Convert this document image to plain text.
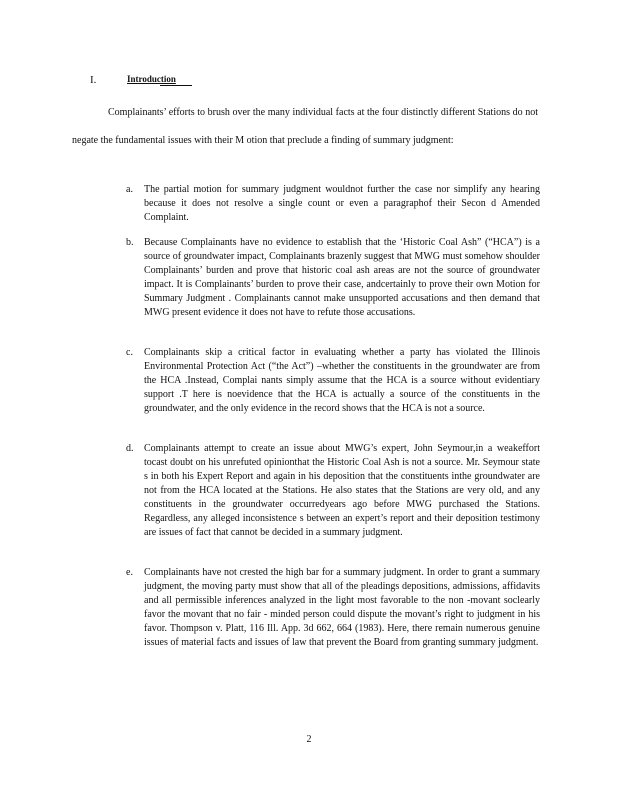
I.	Introduction

Complainants’ efforts to brush over the many individual facts at the four distinctly different Stations do not negate the fundamental issues with their M otion that preclude a finding of summary judgment:

a.	The partial motion for summary judgment wouldnot further the case nor simplify any hearing because it does not resolve a single count or even a paragraphof their Secon d Amended Complaint.

b.	Because Complainants have no evidence to establish that the ‘Historic Coal Ash” (“HCA”) is a source of groundwater impact, Complainants brazenly suggest that MWG must somehow shoulder Complainants’ burden and prove that historic coal ash areas are not the source of groundwater impact. It is Complainants’ burden to prove their case, andcertainly to prove their own Motion for Summary Judgment . Complainants cannot make unsupported accusations and then demand that MWG present evidence it does not have to refute those accusations.

c.	Complainants skip a critical factor in evaluating whether a party has violated the Illinois Environmental Protection Act (“the Act”) –whether the constituents in the groundwater are from the HCA .Instead, Complai nants simply assume that the HCA is a source without evidentiary support .T here is noevidence that the HCA is actually a source of the constituents in the groundwater, and the only evidence in the record shows that the HCA is not a source.

d.	Complainants attempt to create an issue about MWG’s expert, John Seymour,in a weakeffort tocast doubt on his unrefuted opinionthat the Historic Coal Ash is not a source. Mr. Seymour state s in both his Expert Report and again in his deposition that the constituents inthe groundwater are not from the HCA located at the Stations. He also states that the Stations are very old, and any constituents in the groundwater occurredyears ago before MWG purchased the Stations. Regardless, any alleged inconsistence s between an expert’s report and their deposition testimony are issues of fact that cannot be decided in a summary judgment.

e.	Complainants have not crested the high bar for a summary judgment. In order to grant a summary judgment, the moving party must show that all of the pleadings depositions, admissions, affidavits and all permissible inferences analyzed in the light most favorable to the non -movant soclearly favor the movant that no fair - minded person could dispute the movant’s right to judgment in his favor. Thompson v. Platt, 116 Ill. App. 3d 662, 664 (1983). Here, there remain numerous genuine issues of material facts and issues of law that prevent the Board from granting summary judgment.

2
